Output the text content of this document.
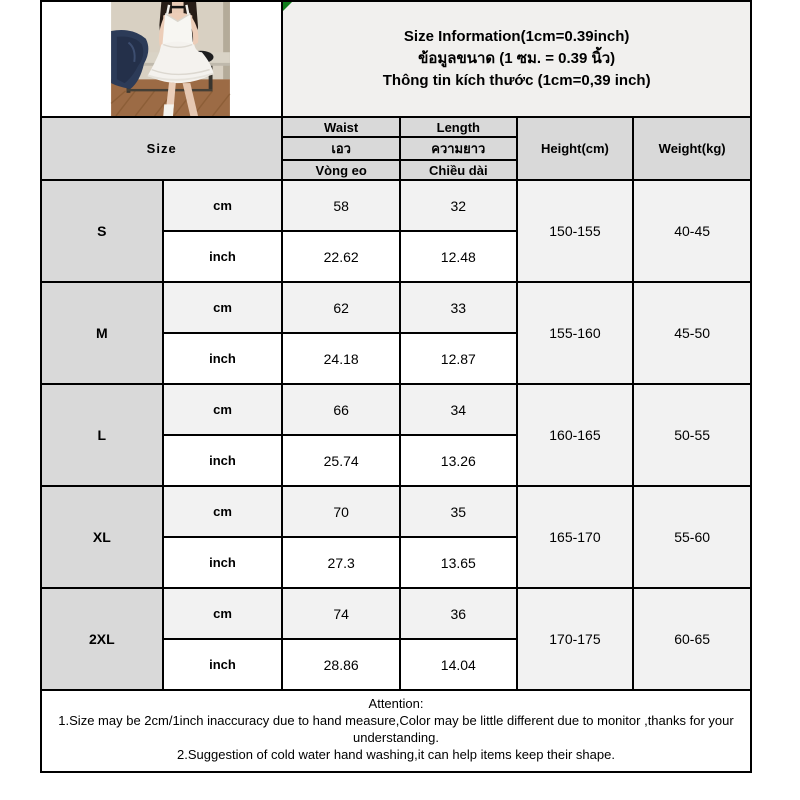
Size Information(1cm=0.39inch)
ข้อมูลขนาด (1 ซม. = 0.39 นิ้ว)
Thông tin kích thước (1cm=0,39 inch)			

Size		Waist	Length	Height(cm)	Weight(kg)
		เอว	ความยาว		
		Vòng eo	Chiều dài		
S	cm	58	32	150-155	40-45
	inch	22.62	12.48		
M	cm	62	33	155-160	45-50
	inch	24.18	12.87		
L	cm	66	34	160-165	50-55
	inch	25.74	13.26		
XL	cm	70	35	165-170	55-60
	inch	27.3	13.65		
2XL	cm	74	36	170-175	60-65
	inch	28.86	14.04		

Attention:
1.Size may be 2cm/1inch inaccuracy due to hand measure,Color may be little different due to monitor ,thanks for your understanding.
2.Suggestion of cold water hand washing,it can help items keep their shape.					
